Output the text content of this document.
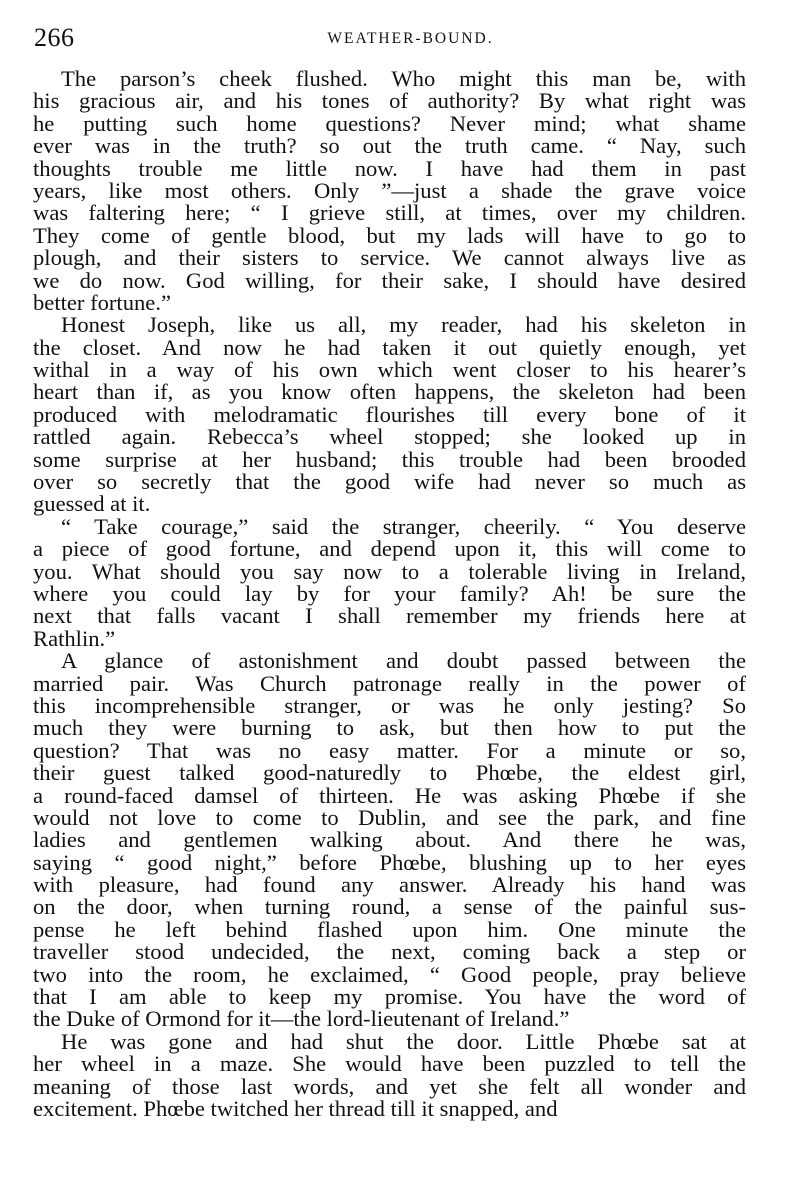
266	WEATHER-BOUND.
The parson’s cheek flushed. Who might this man be, with
his gracious air, and his tones of authority? By what right was
he putting such home questions? Never mind; what shame
ever was in the truth? so out the truth came. “ Nay, such
thoughts trouble me little now. I have had them in past
years, like most others. Only ”—just a shade the grave voice
was faltering here; “ I grieve still, at times, over my children.
They come of gentle blood, but my lads will have to go to
plough, and their sisters to service. We cannot always live as
we do now. God willing, for their sake, I should have desired
better fortune.”
Honest Joseph, like us all, my reader, had his skeleton in
the closet. And now he had taken it out quietly enough, yet
withal in a way of his own which went closer to his hearer’s
heart than if, as you know often happens, the skeleton had been
produced with melodramatic flourishes till every bone of it
rattled again. Rebecca’s wheel stopped; she looked up in
some surprise at her husband; this trouble had been brooded
over so secretly that the good wife had never so much as
guessed at it.
“ Take courage,” said the stranger, cheerily. “ You deserve
a piece of good fortune, and depend upon it, this will come to
you. What should you say now to a tolerable living in Ireland,
where you could lay by for your family? Ah! be sure the
next that falls vacant I shall remember my friends here at
Rathlin.”
A glance of astonishment and doubt passed between the
married pair. Was Church patronage really in the power of
this incomprehensible stranger, or was he only jesting? So
much they were burning to ask, but then how to put the
question? That was no easy matter. For a minute or so,
their guest talked good-naturedly to Phœbe, the eldest girl,
a round-faced damsel of thirteen. He was asking Phœbe if she
would not love to come to Dublin, and see the park, and fine
ladies and gentlemen walking about. And there he was,
saying “ good night,” before Phœbe, blushing up to her eyes
with pleasure, had found any answer. Already his hand was
on the door, when turning round, a sense of the painful sus-
pense he left behind flashed upon him. One minute the
traveller stood undecided, the next, coming back a step or
two into the room, he exclaimed, “ Good people, pray believe
that I am able to keep my promise. You have the word of
the Duke of Ormond for it—the lord-lieutenant of Ireland.”
He was gone and had shut the door. Little Phœbe sat at
her wheel in a maze. She would have been puzzled to tell the
meaning of those last words, and yet she felt all wonder and
excitement. Phœbe twitched her thread till it snapped, and
